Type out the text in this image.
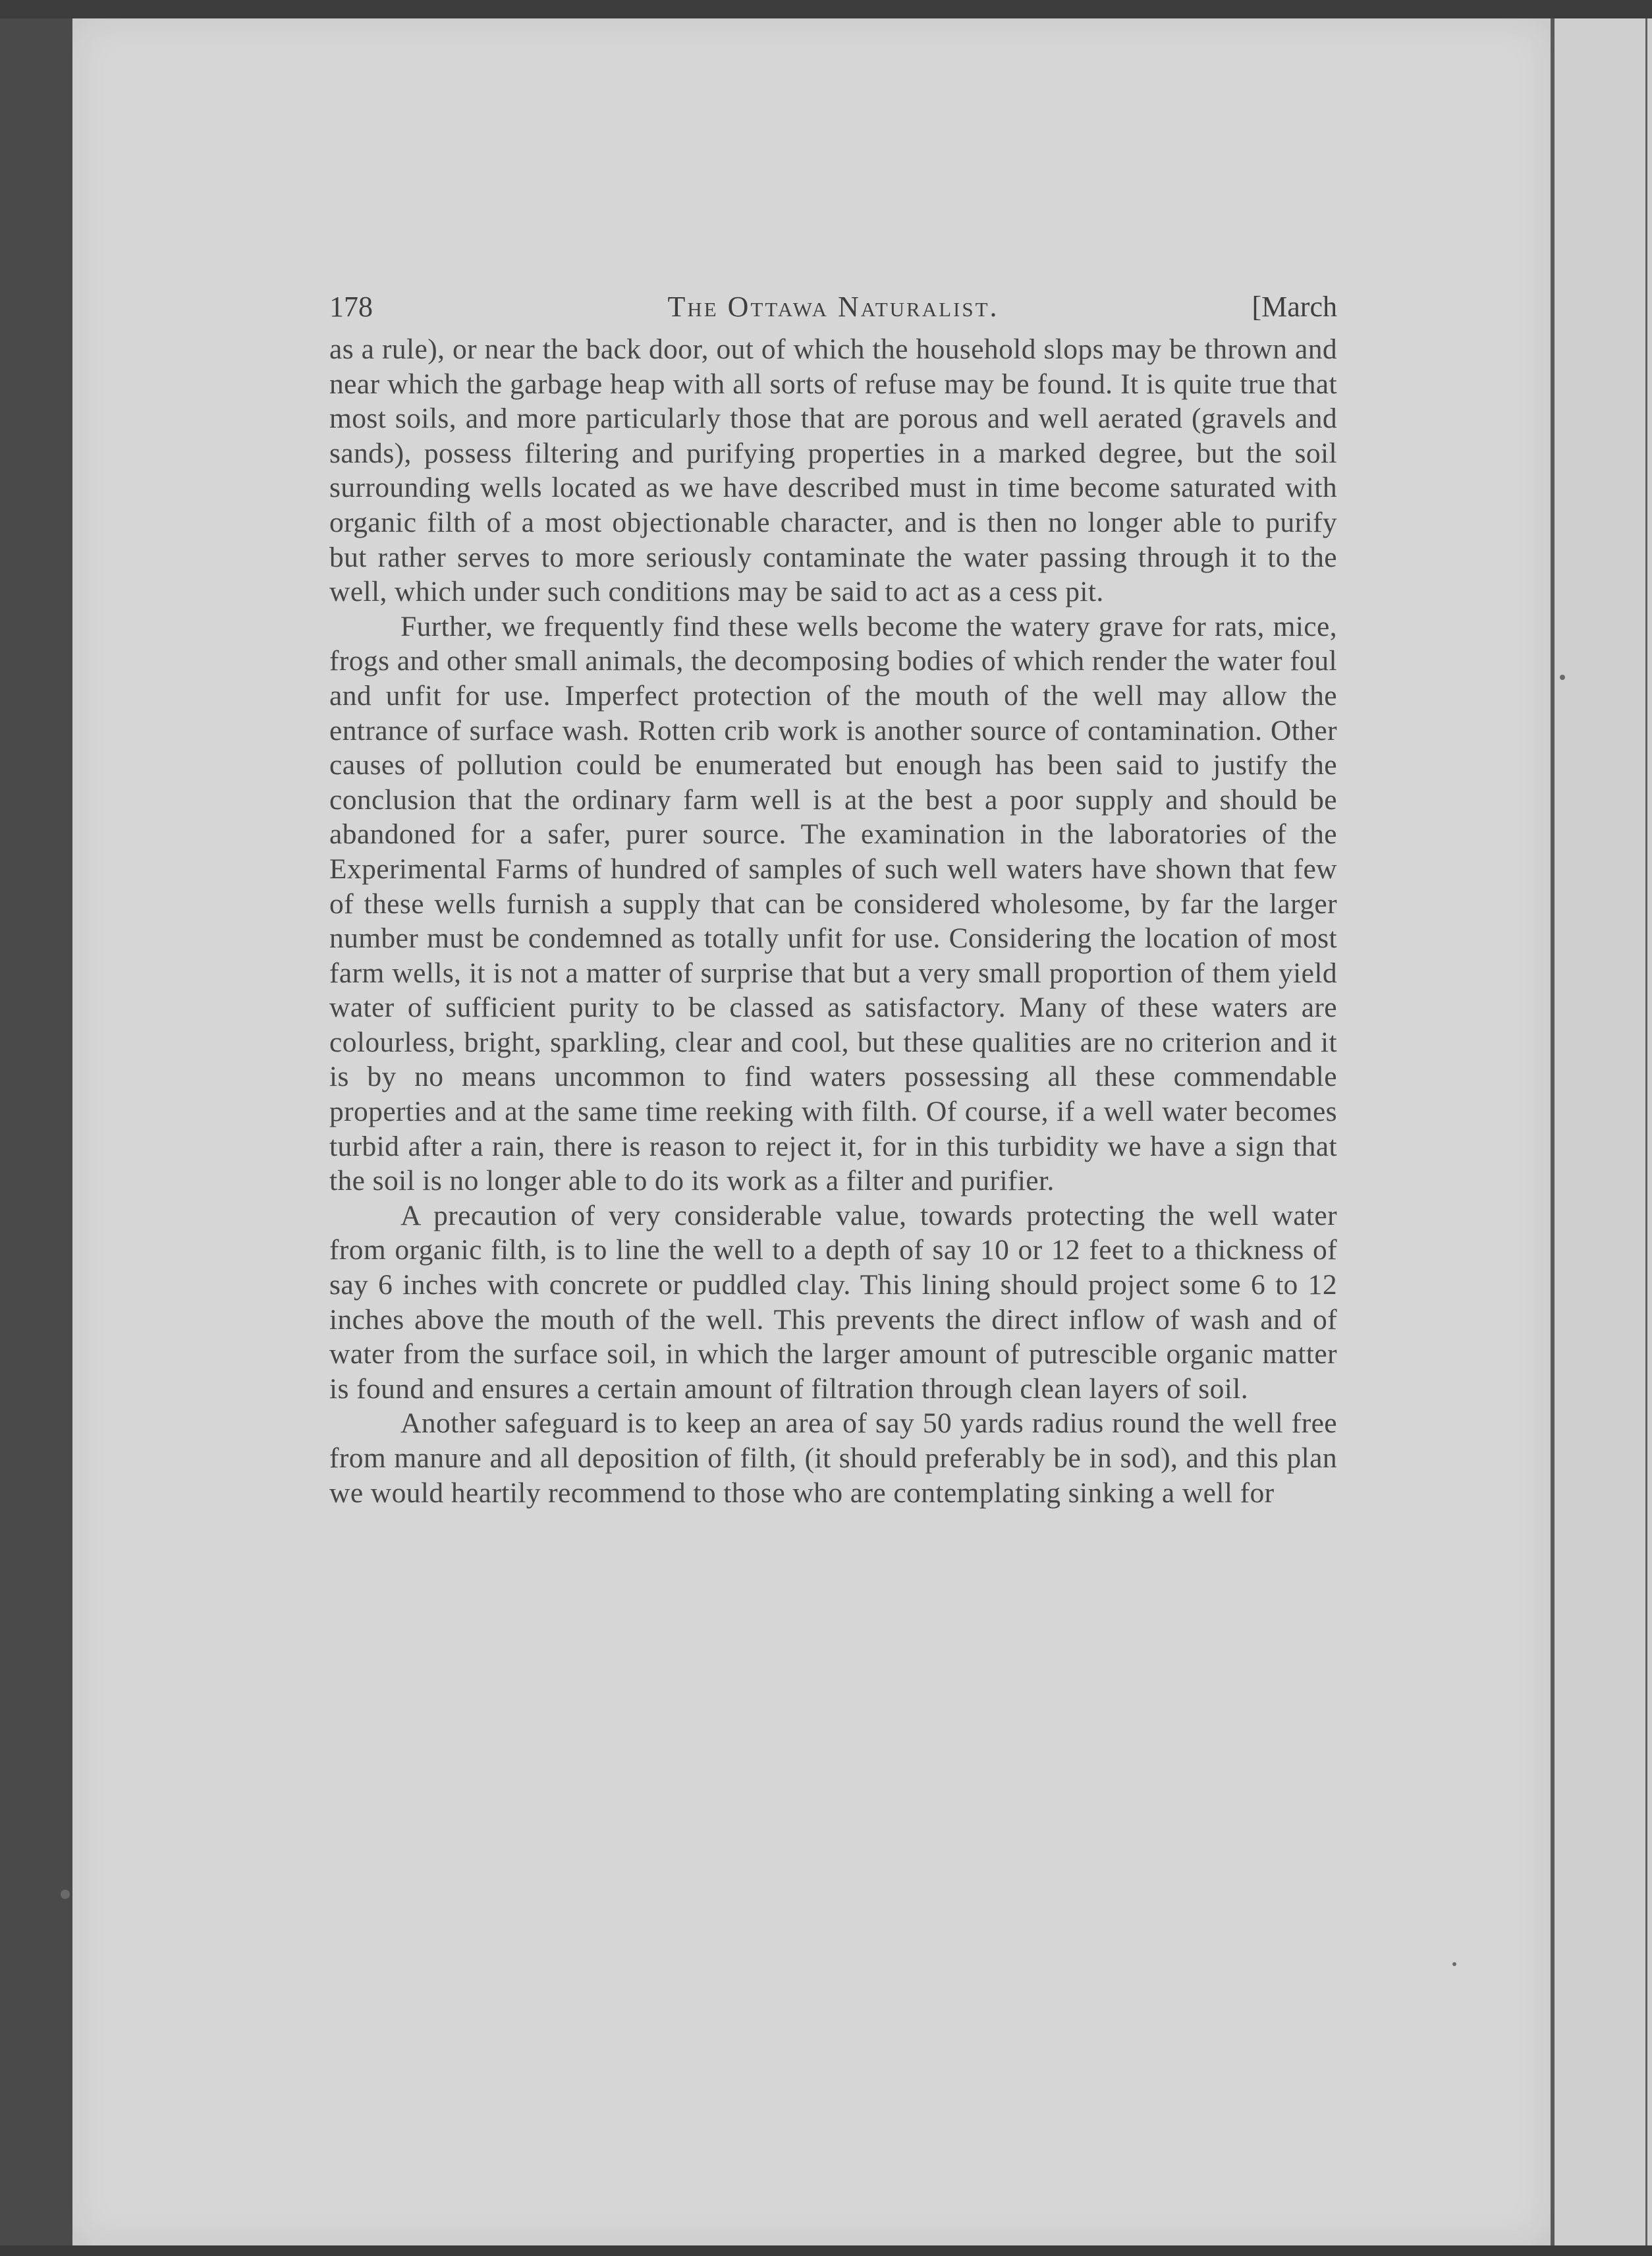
178	The Ottawa Naturalist.	[March

as a rule), or near the back door, out of which the household slops may be thrown and near which the garbage heap with all sorts of refuse may be found. It is quite true that most soils, and more particularly those that are porous and well aerated (gravels and sands), possess filtering and purifying properties in a marked degree, but the soil surrounding wells located as we have described must in time become saturated with organic filth of a most objectionable character, and is then no longer able to purify but rather serves to more seriously contaminate the water passing through it to the well, which under such conditions may be said to act as a cess pit.

Further, we frequently find these wells become the watery grave for rats, mice, frogs and other small animals, the decomposing bodies of which render the water foul and unfit for use. Imperfect protection of the mouth of the well may allow the entrance of surface wash. Rotten crib work is another source of contamination. Other causes of pollution could be enumerated but enough has been said to justify the conclusion that the ordinary farm well is at the best a poor supply and should be abandoned for a safer, purer source. The examination in the laboratories of the Experimental Farms of hundred of samples of such well waters have shown that few of these wells furnish a supply that can be considered wholesome, by far the larger number must be condemned as totally unfit for use. Considering the location of most farm wells, it is not a matter of surprise that but a very small proportion of them yield water of sufficient purity to be classed as satisfactory. Many of these waters are colourless, bright, sparkling, clear and cool, but these qualities are no criterion and it is by no means uncommon to find waters possessing all these commendable properties and at the same time reeking with filth. Of course, if a well water becomes turbid after a rain, there is reason to reject it, for in this turbidity we have a sign that the soil is no longer able to do its work as a filter and purifier.

A precaution of very considerable value, towards protecting the well water from organic filth, is to line the well to a depth of say 10 or 12 feet to a thickness of say 6 inches with concrete or puddled clay. This lining should project some 6 to 12 inches above the mouth of the well. This prevents the direct inflow of wash and of water from the surface soil, in which the larger amount of putrescible organic matter is found and ensures a certain amount of filtration through clean layers of soil.

Another safeguard is to keep an area of say 50 yards radius round the well free from manure and all deposition of filth, (it should preferably be in sod), and this plan we would heartily recommend to those who are contemplating sinking a well for
